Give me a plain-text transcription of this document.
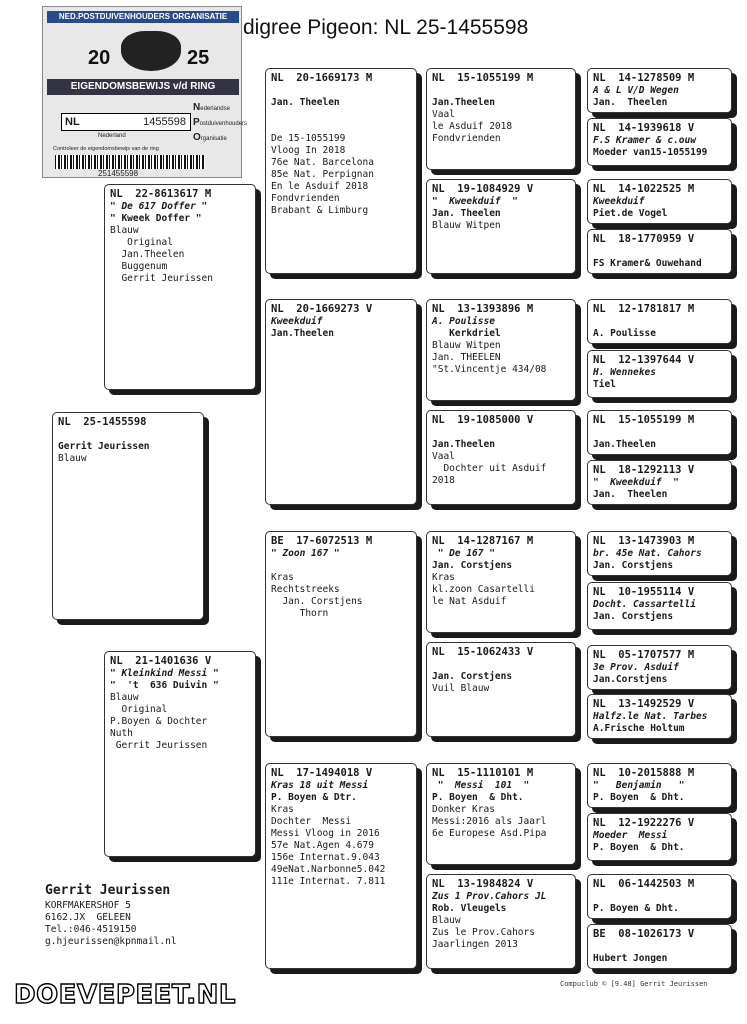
digree Pigeon: NL 25-1455598
NED.POSTDUIVENHOUDERS ORGANISATIE
20	25
EIGENDOMSBEWIJS v/d RING
NL	1455598
Nederlandse
Postduivenhouders
Organisatie
Nederland
Controleer de eigendomsbewijs van de ring
251455598
NL  25-1455598
Gerrit Jeurissen
Blauw
NL  22-8613617 M
" De 617 Doffer "
" Kweek Doffer "
Blauw
Original
Jan.Theelen
Buggenum
Gerrit Jeurissen
NL  21-1401636 V
" Kleinkind Messi "
"  't  636 Duivin "
Blauw
Original
P.Boyen & Dochter
Nuth
Gerrit Jeurissen
NL  20-1669173 M
Jan. Theelen
De 15-1055199
Vloog In 2018
76e Nat. Barcelona
85e Nat. Perpignan
En le Asduif 2018
Fondvrienden
Brabant & Limburg
NL  20-1669273 V
Kweekduif
Jan.Theelen
BE  17-6072513 M
" Zoon 167 "
Kras
Rechtstreeks
Jan. Corstjens
Thorn
NL  17-1494018 V
Kras 18 uit Messi
P. Boyen & Dtr.
Kras
Dochter  Messi
Messi Vloog in 2016
57e Nat.Agen 4.679
156e Internat.9.043
49eNat.Narbonne5.042
111e Internat. 7.811
NL  15-1055199 M
Jan.Theelen
Vaal
le Asduif 2018
Fondvrienden
NL  19-1084929 V
"  Kweekduif  "
Jan. Theelen
Blauw Witpen
NL  13-1393896 M
A. Poulisse
Kerkdriel
Blauw Witpen
Jan. THEELEN
"St.Vincentje 434/08
NL  19-1085000 V
Jan.Theelen
Vaal
Dochter uit Asduif
2018
NL  14-1287167 M
" De 167 "
Jan. Corstjens
Kras
kl.zoon Casartelli
le Nat Asduif
NL  15-1062433 V
Jan. Corstjens
Vuil Blauw
NL  15-1110101 M
"  Messi  101  "
P. Boyen  & Dht.
Donker Kras
Messi:2016 als Jaarl
6e Europese Asd.Pipa
NL  13-1984824 V
Zus 1 Prov.Cahors JL
Rob. Vleugels
Blauw
Zus le Prov.Cahors
Jaarlingen 2013
NL  14-1278509 M
A & L V/D Wegen
Jan.  Theelen
NL  14-1939618 V
F.S Kramer & c.ouw
Moeder van15-1055199
NL  14-1022525 M
Kweekduif
Piet.de Vogel
NL  18-1770959 V
FS Kramer& Ouwehand
NL  12-1781817 M
A. Poulisse
NL  12-1397644 V
H. Wennekes
Tiel
NL  15-1055199 M
Jan.Theelen
NL  18-1292113 V
"  Kweekduif  "
Jan.  Theelen
NL  13-1473903 M
br. 45e Nat. Cahors
Jan. Corstjens
NL  10-1955114 V
Docht. Cassartelli
Jan. Corstjens
NL  05-1707577 M
3e Prov. Asduif
Jan.Corstjens
NL  13-1492529 V
Halfz.le Nat. Tarbes
A.Frische Holtum
NL  10-2015888 M
"   Benjamin   "
P. Boyen  & Dht.
NL  12-1922276 V
Moeder  Messi
P. Boyen  & Dht.
NL  06-1442503 M
P. Boyen & Dht.
BE  08-1026173 V
Hubert Jongen
Gerrit Jeurissen
KORFMAKERSHOF 5
6162.JX  GELEEN
Tel.:046-4519150
g.hjeurissen@kpnmail.nl
Compuclub © [9.48] Gerrit Jeurissen
DOEVEPEET.NL
